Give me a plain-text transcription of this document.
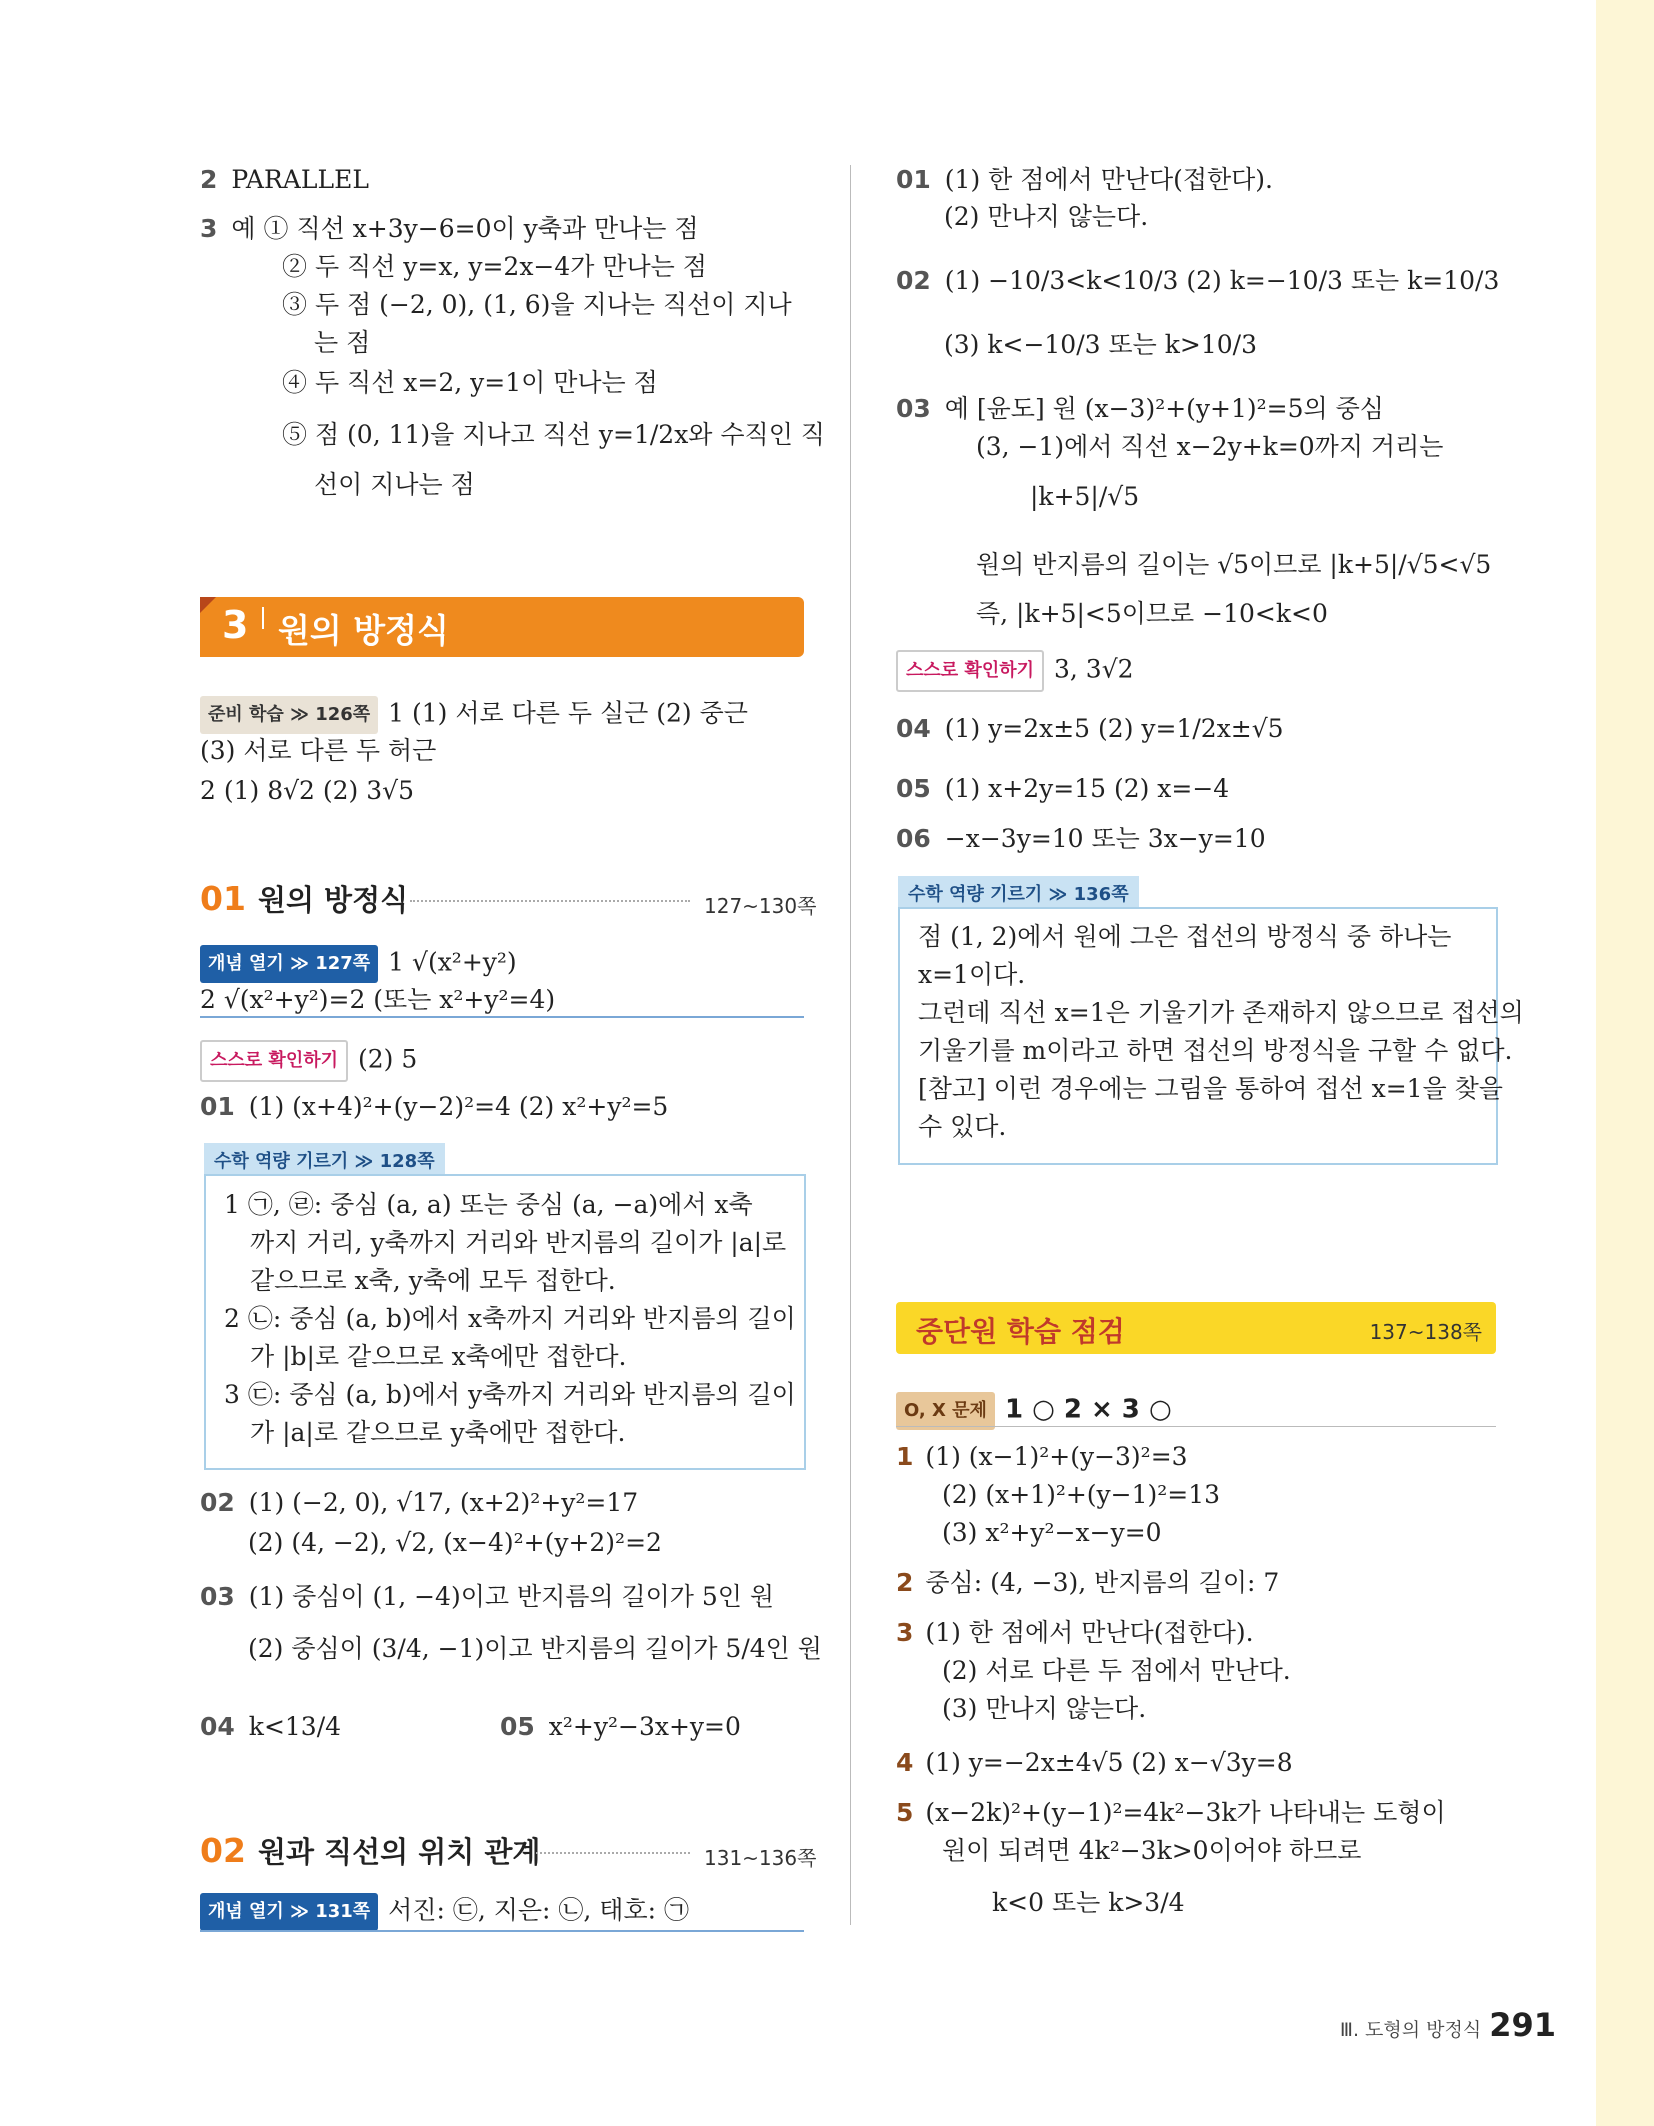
2 PARALLEL
3 예 ① 직선 x+3y−6=0이 y축과 만나는 점
② 두 직선 y=x, y=2x−4가 만나는 점
③ 두 점 (−2, 0), (1, 6)을 지나는 직선이 지나
는 점
④ 두 직선 x=2, y=1이 만나는 점
⑤ 점 (0, 11)을 지나고 직선 y=1/2x와 수직인 직
선이 지나는 점
3 원의 방정식
준비 학습 ≫ 126쪽 1 (1) 서로 다른 두 실근 (2) 중근
(3) 서로 다른 두 허근
2 (1) 8√2 (2) 3√5
01 원의 방정식	127~130쪽
개념 열기 ≫ 127쪽 1 √(x²+y²)
2 √(x²+y²)=2 (또는 x²+y²=4)
스스로 확인하기 (2) 5
01 (1) (x+4)²+(y−2)²=4 (2) x²+y²=5
수학 역량 기르기 ≫ 128쪽
1 ㉠, ㉣: 중심 (a, a) 또는 중심 (a, −a)에서 x축
까지 거리, y축까지 거리와 반지름의 길이가 |a|로
같으므로 x축, y축에 모두 접한다.
2 ㉡: 중심 (a, b)에서 x축까지 거리와 반지름의 길이
가 |b|로 같으므로 x축에만 접한다.
3 ㉢: 중심 (a, b)에서 y축까지 거리와 반지름의 길이
가 |a|로 같으므로 y축에만 접한다.
02 (1) (−2, 0), √17, (x+2)²+y²=17
(2) (4, −2), √2, (x−4)²+(y+2)²=2
03 (1) 중심이 (1, −4)이고 반지름의 길이가 5인 원
(2) 중심이 (3/4, −1)이고 반지름의 길이가 5/4인 원
04 k<13/4	05 x²+y²−3x+y=0
02 원과 직선의 위치 관계	131~136쪽
개념 열기 ≫ 131쪽 서진: ㉢, 지은: ㉡, 태호: ㉠
01 (1) 한 점에서 만난다(접한다).
(2) 만나지 않는다.
02 (1) −10/3<k<10/3 (2) k=−10/3 또는 k=10/3
(3) k<−10/3 또는 k>10/3
03 예 [윤도] 원 (x−3)²+(y+1)²=5의 중심
(3, −1)에서 직선 x−2y+k=0까지 거리는
|k+5|/√5
원의 반지름의 길이는 √5이므로 |k+5|/√5<√5
즉, |k+5|<5이므로 −10<k<0
스스로 확인하기 3, 3√2
04 (1) y=2x±5 (2) y=1/2x±√5
05 (1) x+2y=15 (2) x=−4
06 −x−3y=10 또는 3x−y=10
수학 역량 기르기 ≫ 136쪽
점 (1, 2)에서 원에 그은 접선의 방정식 중 하나는
x=1이다.
그런데 직선 x=1은 기울기가 존재하지 않으므로 접선의
기울기를 m이라고 하면 접선의 방정식을 구할 수 없다.
[참고] 이런 경우에는 그림을 통하여 접선 x=1을 찾을
수 있다.
중단원 학습 점검	137~138쪽
O, X 문제 1 ○ 2 × 3 ○
1 (1) (x−1)²+(y−3)²=3
(2) (x+1)²+(y−1)²=13
(3) x²+y²−x−y=0
2 중심: (4, −3), 반지름의 길이: 7
3 (1) 한 점에서 만난다(접한다).
(2) 서로 다른 두 점에서 만난다.
(3) 만나지 않는다.
4 (1) y=−2x±4√5 (2) x−√3y=8
5 (x−2k)²+(y−1)²=4k²−3k가 나타내는 도형이
원이 되려면 4k²−3k>0이어야 하므로
k<0 또는 k>3/4
Ⅲ. 도형의 방정식 291
